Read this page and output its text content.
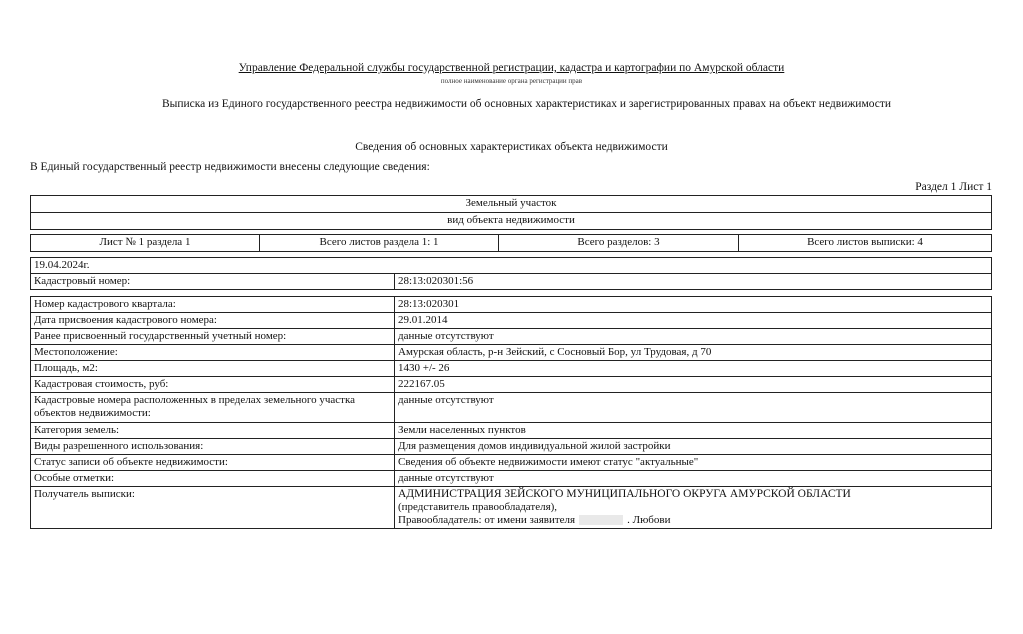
Управление Федеральной службы государственной регистрации, кадастра и картографии по Амурской области
полное наименование органа регистрации прав
Выписка из Единого государственного реестра недвижимости об основных характеристиках и зарегистрированных правах на объект недвижимости
Сведения об основных характеристиках объекта недвижимости
В Единый государственный реестр недвижимости внесены следующие сведения:
Раздел 1 Лист 1
Земельный участок
вид объекта недвижимости
Лист № 1 раздела 1	Всего листов раздела 1: 1	Всего разделов: 3	Всего листов выписки: 4
19.04.2024г.
Кадастровый номер:	28:13:020301:56
Номер кадастрового квартала:	28:13:020301
Дата присвоения кадастрового номера:	29.01.2014
Ранее присвоенный государственный учетный номер:	данные отсутствуют
Местоположение:	Амурская область, р-н Зейский, с Сосновый Бор, ул Трудовая, д 70
Площадь, м2:	1430 +/- 26
Кадастровая стоимость, руб:	222167.05
Кадастровые номера расположенных в пределах земельного участка объектов недвижимости:	данные отсутствуют
Категория земель:	Земли населенных пунктов
Виды разрешенного использования:	Для размещения домов индивидуальной жилой застройки
Статус записи об объекте недвижимости:	Сведения об объекте недвижимости имеют статус "актуальные"
Особые отметки:	данные отсутствуют
Получатель выписки:	АДМИНИСТРАЦИЯ ЗЕЙСКОГО МУНИЦИПАЛЬНОГО ОКРУГА АМУРСКОЙ ОБЛАСТИ
(представитель правообладателя),
Правообладатель: от имени заявителя . Любови
